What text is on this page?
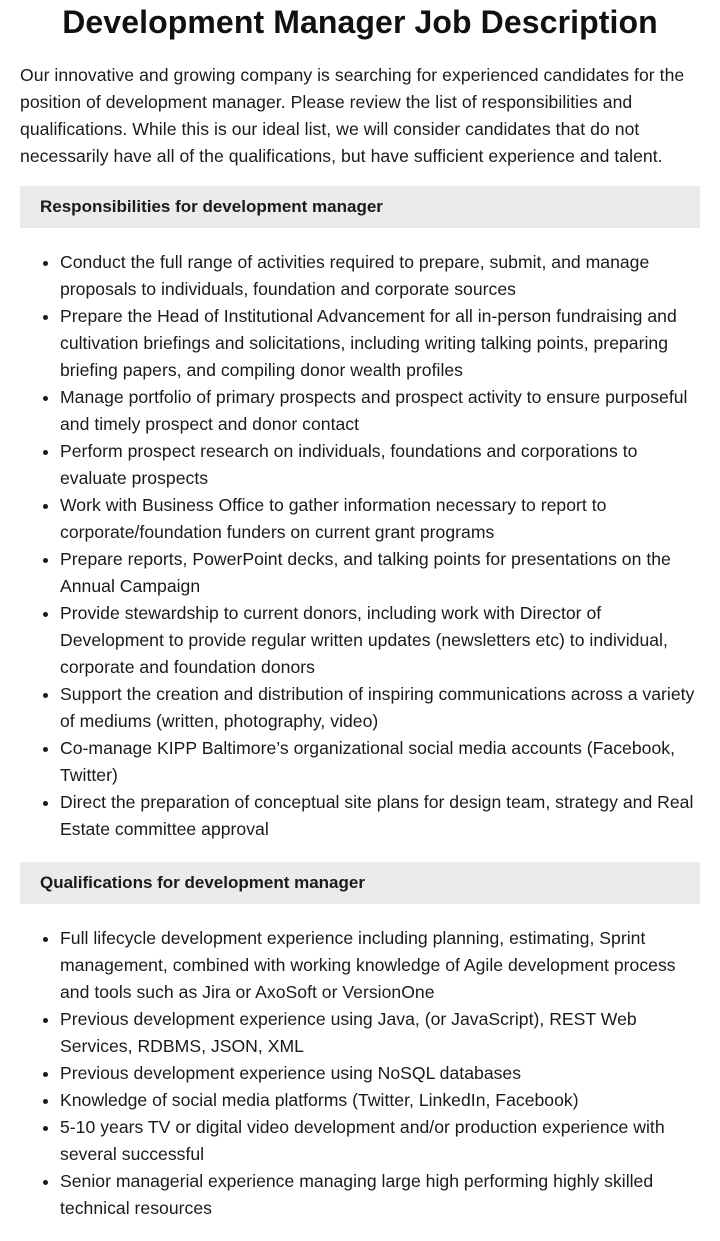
Development Manager Job Description

Our innovative and growing company is searching for experienced candidates for the position of development manager. Please review the list of responsibilities and qualifications. While this is our ideal list, we will consider candidates that do not necessarily have all of the qualifications, but have sufficient experience and talent.

Responsibilities for development manager
• Conduct the full range of activities required to prepare, submit, and manage proposals to individuals, foundation and corporate sources
• Prepare the Head of Institutional Advancement for all in-person fundraising and cultivation briefings and solicitations, including writing talking points, preparing briefing papers, and compiling donor wealth profiles
• Manage portfolio of primary prospects and prospect activity to ensure purposeful and timely prospect and donor contact
• Perform prospect research on individuals, foundations and corporations to evaluate prospects
• Work with Business Office to gather information necessary to report to corporate/foundation funders on current grant programs
• Prepare reports, PowerPoint decks, and talking points for presentations on the Annual Campaign
• Provide stewardship to current donors, including work with Director of Development to provide regular written updates (newsletters etc) to individual, corporate and foundation donors
• Support the creation and distribution of inspiring communications across a variety of mediums (written, photography, video)
• Co-manage KIPP Baltimore’s organizational social media accounts (Facebook, Twitter)
• Direct the preparation of conceptual site plans for design team, strategy and Real Estate committee approval
Qualifications for development manager
• Full lifecycle development experience including planning, estimating, Sprint management, combined with working knowledge of Agile development process and tools such as Jira or AxoSoft or VersionOne
• Previous development experience using Java, (or JavaScript), REST Web Services, RDBMS, JSON, XML
• Previous development experience using NoSQL databases
• Knowledge of social media platforms (Twitter, LinkedIn, Facebook)
• 5-10 years TV or digital video development and/or production experience with several successful
• Senior managerial experience managing large high performing highly skilled technical resources
